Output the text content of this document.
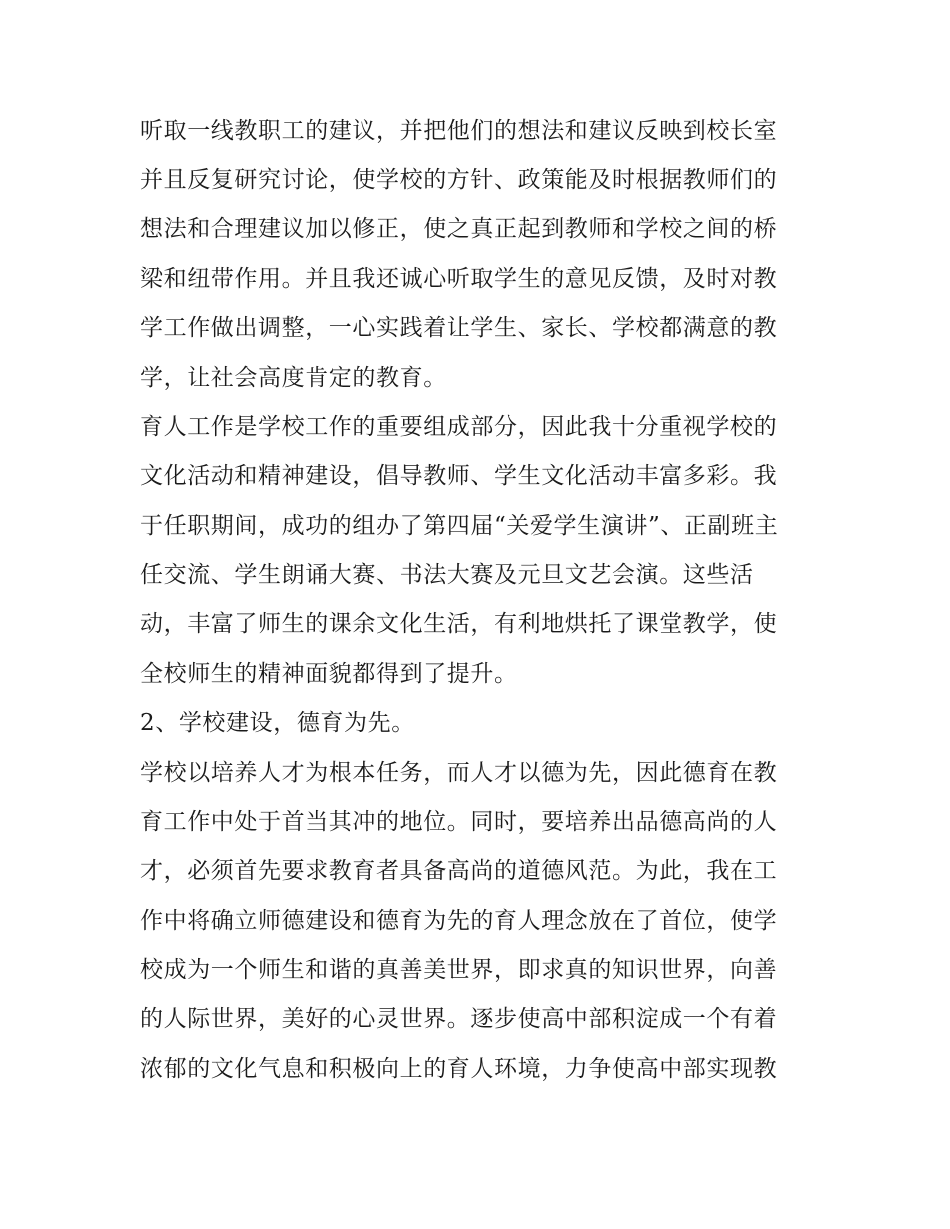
听取一线教职工的建议，并把他们的想法和建议反映到校长室

并且反复研究讨论，使学校的方针、政策能及时根据教师们的

想法和合理建议加以修正，使之真正起到教师和学校之间的桥

梁和纽带作用。并且我还诚心听取学生的意见反馈，及时对教

学工作做出调整，一心实践着让学生、家长、学校都满意的教

学，让社会高度肯定的教育。

育人工作是学校工作的重要组成部分，因此我十分重视学校的

文化活动和精神建设，倡导教师、学生文化活动丰富多彩。我

于任职期间，成功的组办了第四届“关爱学生演讲”、正副班主

任交流、学生朗诵大赛、书法大赛及元旦文艺会演。这些活

动，丰富了师生的课余文化生活，有利地烘托了课堂教学，使

全校师生的精神面貌都得到了提升。

2、学校建设，德育为先。

学校以培养人才为根本任务，而人才以德为先，因此德育在教

育工作中处于首当其冲的地位。同时，要培养出品德高尚的人

才，必须首先要求教育者具备高尚的道德风范。为此，我在工

作中将确立师德建设和德育为先的育人理念放在了首位，使学

校成为一个师生和谐的真善美世界，即求真的知识世界，向善

的人际世界，美好的心灵世界。逐步使高中部积淀成一个有着

浓郁的文化气息和积极向上的育人环境，力争使高中部实现教
